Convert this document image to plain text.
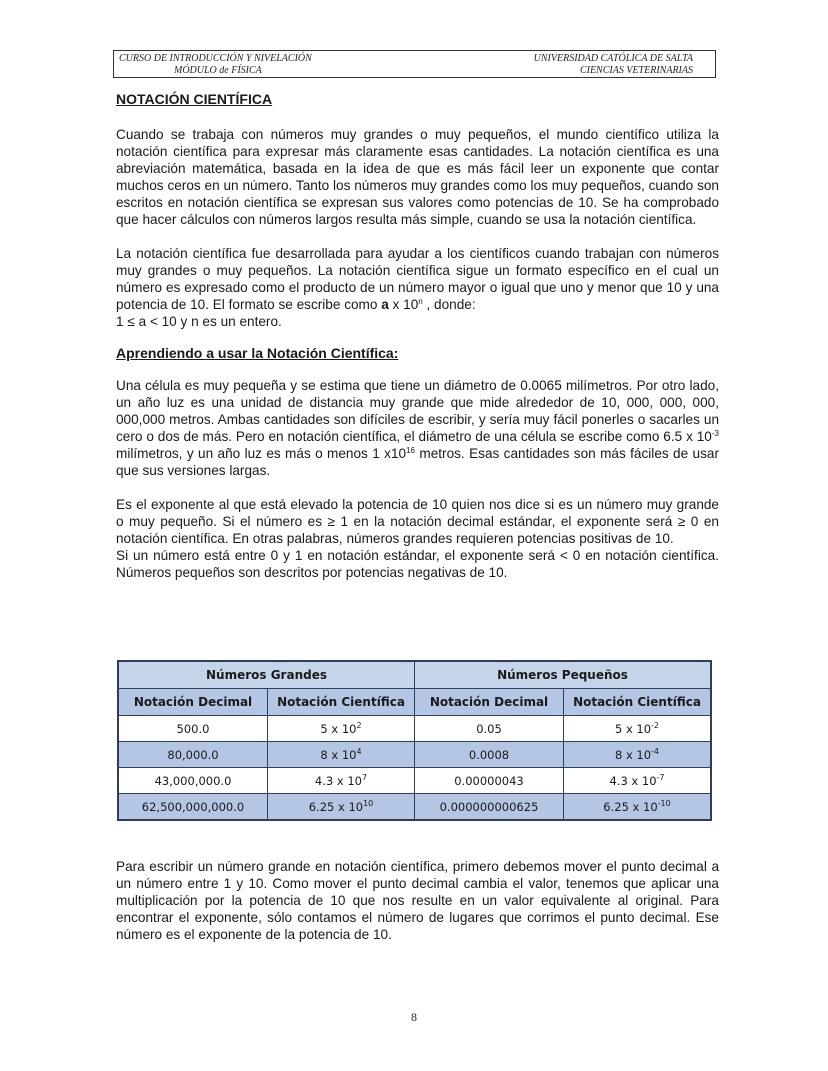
CURSO DE INTRODUCCIÓN Y NIVELACIÓN
MÓDULO de FÍSICA
UNIVERSIDAD CATÓLICA DE SALTA
CIENCIAS VETERINARIAS
NOTACIÓN CIENTÍFICA

Cuando se trabaja con números muy grandes o muy pequeños, el mundo científico utiliza la notación científica para expresar más claramente esas cantidades. La notación científica es una abreviación matemática, basada en la idea de que es más fácil leer un exponente que contar muchos ceros en un número. Tanto los números muy grandes como los muy pequeños, cuando son escritos en notación científica se expresan sus valores como potencias de 10. Se ha comprobado que hacer cálculos con números largos resulta más simple, cuando se usa la notación científica.

La notación científica fue desarrollada para ayudar a los científicos cuando trabajan con números muy grandes o muy pequeños. La notación científica sigue un formato específico en el cual un número es expresado como el producto de un número mayor o igual que uno y menor que 10 y una potencia de 10. El formato se escribe como a x 10$^n$ , donde:
1 ≤ a < 10 y n es un entero.

Aprendiendo a usar la Notación Científica:

Una célula es muy pequeña y se estima que tiene un diámetro de 0.0065 milímetros. Por otro lado, un año luz es una unidad de distancia muy grande que mide alrededor de 10, 000, 000, 000, 000,000 metros. Ambas cantidades son difíciles de escribir, y sería muy fácil ponerles o sacarles un cero o dos de más. Pero en notación científica, el diámetro de una célula se escribe como 6.5 x $10^{-3}$ milímetros, y un año luz es más o menos 1 $x10^{16}$ metros. Esas cantidades son más fáciles de usar que sus versiones largas.

Es el exponente al que está elevado la potencia de 10 quien nos dice si es un número muy grande o muy pequeño. Si el número es ≥ 1 en la notación decimal estándar, el exponente será ≥ 0 en notación científica. En otras palabras, números grandes requieren potencias positivas de 10.

Si un número está entre 0 y 1 en notación estándar, el exponente será < 0 en notación científica. Números pequeños son descritos por potencias negativas de 10.

Números Grandes		Números Pequeños	
Notación Decimal	Notación Científica	Notación Decimal	Notación Científica
500.0	5 x $10^2$	0.05	5 x $10^{-2}$
80,000.0	8 x $10^4$	0.0008	8 x $10^{-4}$
43,000,000.0	4.3 x $10^7$	0.00000043	4.3 x $10^{-7}$
62,500,000,000.0	6.25 x $10^{10}$	0.000000000625	6.25 x $10^{-10}$

Para escribir un número grande en notación científica, primero debemos mover el punto decimal a un número entre 1 y 10. Como mover el punto decimal cambia el valor, tenemos que aplicar una multiplicación por la potencia de 10 que nos resulte en un valor equivalente al original. Para encontrar el exponente, sólo contamos el número de lugares que corrimos el punto decimal. Ese número es el exponente de la potencia de 10.

8
